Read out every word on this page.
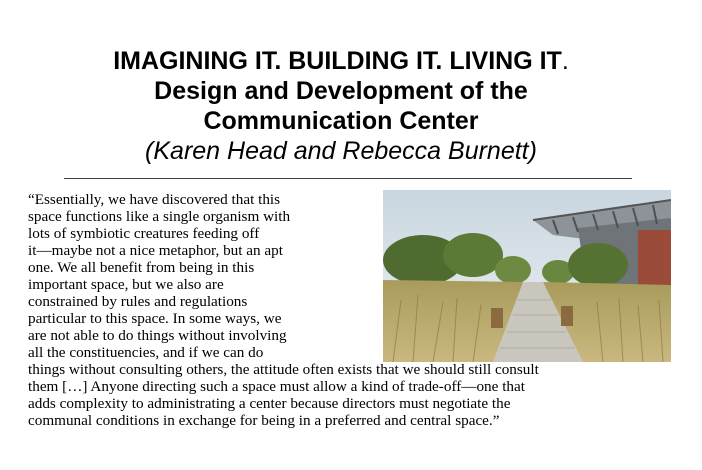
IMAGINING IT. BUILDING IT. LIVING IT.

Design and Development of the

Communication Center

(Karen Head and Rebecca Burnett)

“Essentially, we have discovered that this

space functions like a single organism with

lots of symbiotic creatures feeding off

it—maybe not a nice metaphor, but an apt

one. We all benefit from being in this

important space, but we also are

constrained by rules and regulations

particular to this space. In some ways, we

are not able to do things without involving

all the constituencies, and if we can do

things without consulting others, the attitude often exists that we should still consult

them […] Anyone directing such a space must allow a kind of trade-off—one that

adds complexity to administrating a center because directors must negotiate the

communal conditions in exchange for being in a preferred and central space.”
